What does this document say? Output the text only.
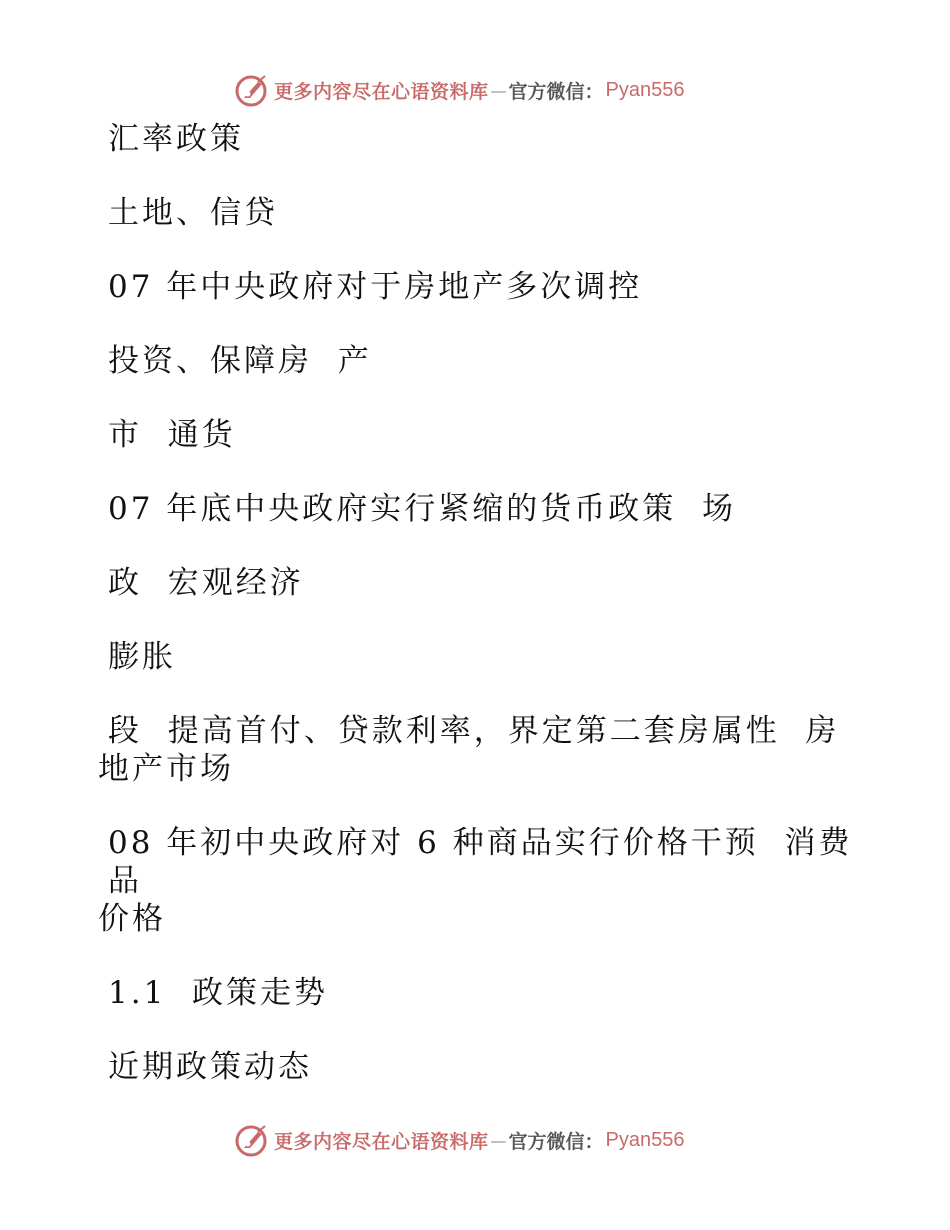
更多内容尽在心语资料库 — 官方微信： Pyan556

汇率政策

土地、信贷

07 年中央政府对于房地产多次调控

投资、保障房  产

市  通货

07 年底中央政府实行紧缩的货币政策  场

政  宏观经济

膨胀

段  提高首付、贷款利率，界定第二套房属性  房

地产市场

08 年初中央政府对 6 种商品实行价格干预  消费品

价格

1.1  政策走势

近期政策动态

更多内容尽在心语资料库 — 官方微信： Pyan556
